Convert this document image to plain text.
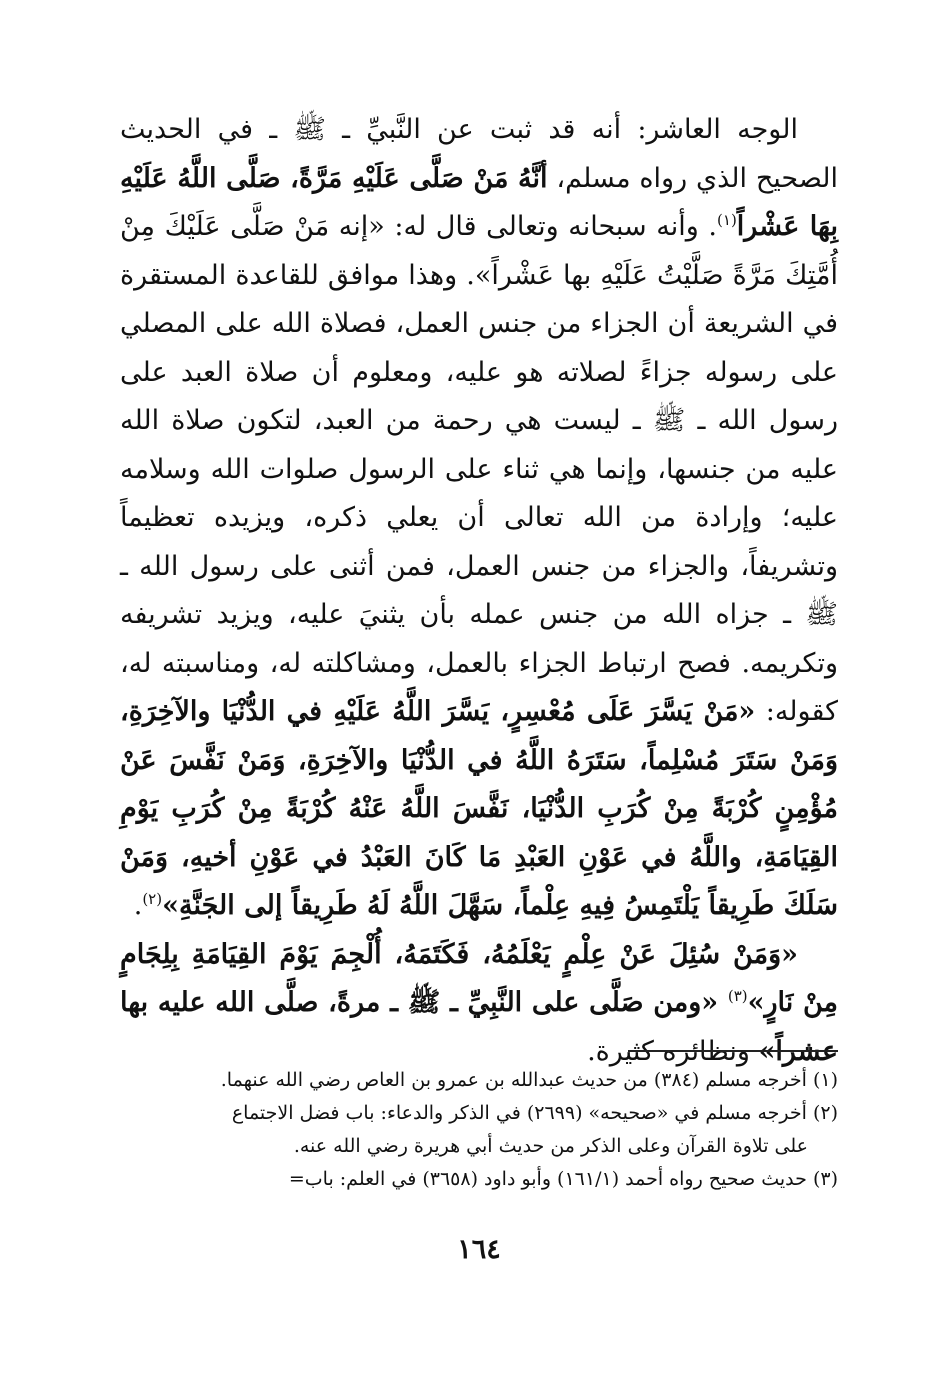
الوجه العاشر: أنه قد ثبت عن النَّبيِّ ـ ﷺ ـ في الحديث الصحيح الذي رواه مسلم، أنَّهُ مَنْ صَلَّى عَلَيْهِ مَرَّةً، صَلَّى اللَّهُ عَلَيْهِ بِهَا عَشْراً$^{(١)}$. وأنه سبحانه وتعالى قال له: «إنه مَنْ صَلَّى عَلَيْكَ مِنْ أُمَّتِكَ مَرَّةً صَلَّيْتُ عَلَيْهِ بها عَشْراً». وهذا موافق للقاعدة المستقرة في الشريعة أن الجزاء من جنس العمل، فصلاة الله على المصلي على رسوله جزاءً لصلاته هو عليه، ومعلوم أن صلاة العبد على رسول الله ـ ﷺ ـ ليست هي رحمة من العبد، لتكون صلاة الله عليه من جنسها، وإنما هي ثناء على الرسول صلوات الله وسلامه عليه؛ وإرادة من الله تعالى أن يعلي ذكره، ويزيده تعظيماً وتشريفاً، والجزاء من جنس العمل، فمن أثنى على رسول الله ـ ﷺ ـ جزاه الله من جنس عمله بأن يثنيَ عليه، ويزيد تشريفه وتكريمه. فصح ارتباط الجزاء بالعمل، ومشاكلته له، ومناسبته له، كقوله: «مَنْ يَسَّرَ عَلَى مُعْسِرٍ، يَسَّرَ اللَّهُ عَلَيْهِ في الدُّنْيَا والآخِرَةِ، وَمَنْ سَتَرَ مُسْلِماً، سَتَرَهُ اللَّهُ في الدُّنْيَا والآخِرَةِ، وَمَنْ نَفَّسَ عَنْ مُؤْمِنٍ كُرْبَةً مِنْ كُرَبِ الدُّنْيَا، نَفَّسَ اللَّهُ عَنْهُ كُرْبَةً مِنْ كُرَبِ يَوْمِ القِيَامَةِ، واللَّهُ في عَوْنِ العَبْدِ مَا كَانَ العَبْدُ في عَوْنِ أخيهِ، وَمَنْ سَلَكَ طَرِيقاً يَلْتَمِسُ فِيهِ عِلْماً، سَهَّلَ اللَّهُ لَهُ طَرِيقاً إلى الجَنَّةِ»$^{(٢)}$.
«وَمَنْ سُئِلَ عَنْ عِلْمٍ يَعْلَمُهُ، فَكَتَمَهُ، أُلْجِمَ يَوْمَ القِيَامَةِ بِلِجَامٍ مِنْ نَارٍ»$^{(٣)}$ «ومن صَلَّى على النَّبِيِّ ـ ﷺ ـ مرةً، صلَّى الله عليه بها عشراً» ونظائره كثيرة.

(١) أخرجه مسلم (٣٨٤) من حديث عبدالله بن عمرو بن العاص رضي الله عنهما.

(٢) أخرجه مسلم في «صحيحه» (٢٦٩٩) في الذكر والدعاء: باب فضل الاجتماع
على تلاوة القرآن وعلى الذكر من حديث أبي هريرة رضي الله عنه.

(٣) حديث صحيح رواه أحمد (١٦١/١) وأبو داود (٣٦٥٨) في العلم: باب=

١٦٤
